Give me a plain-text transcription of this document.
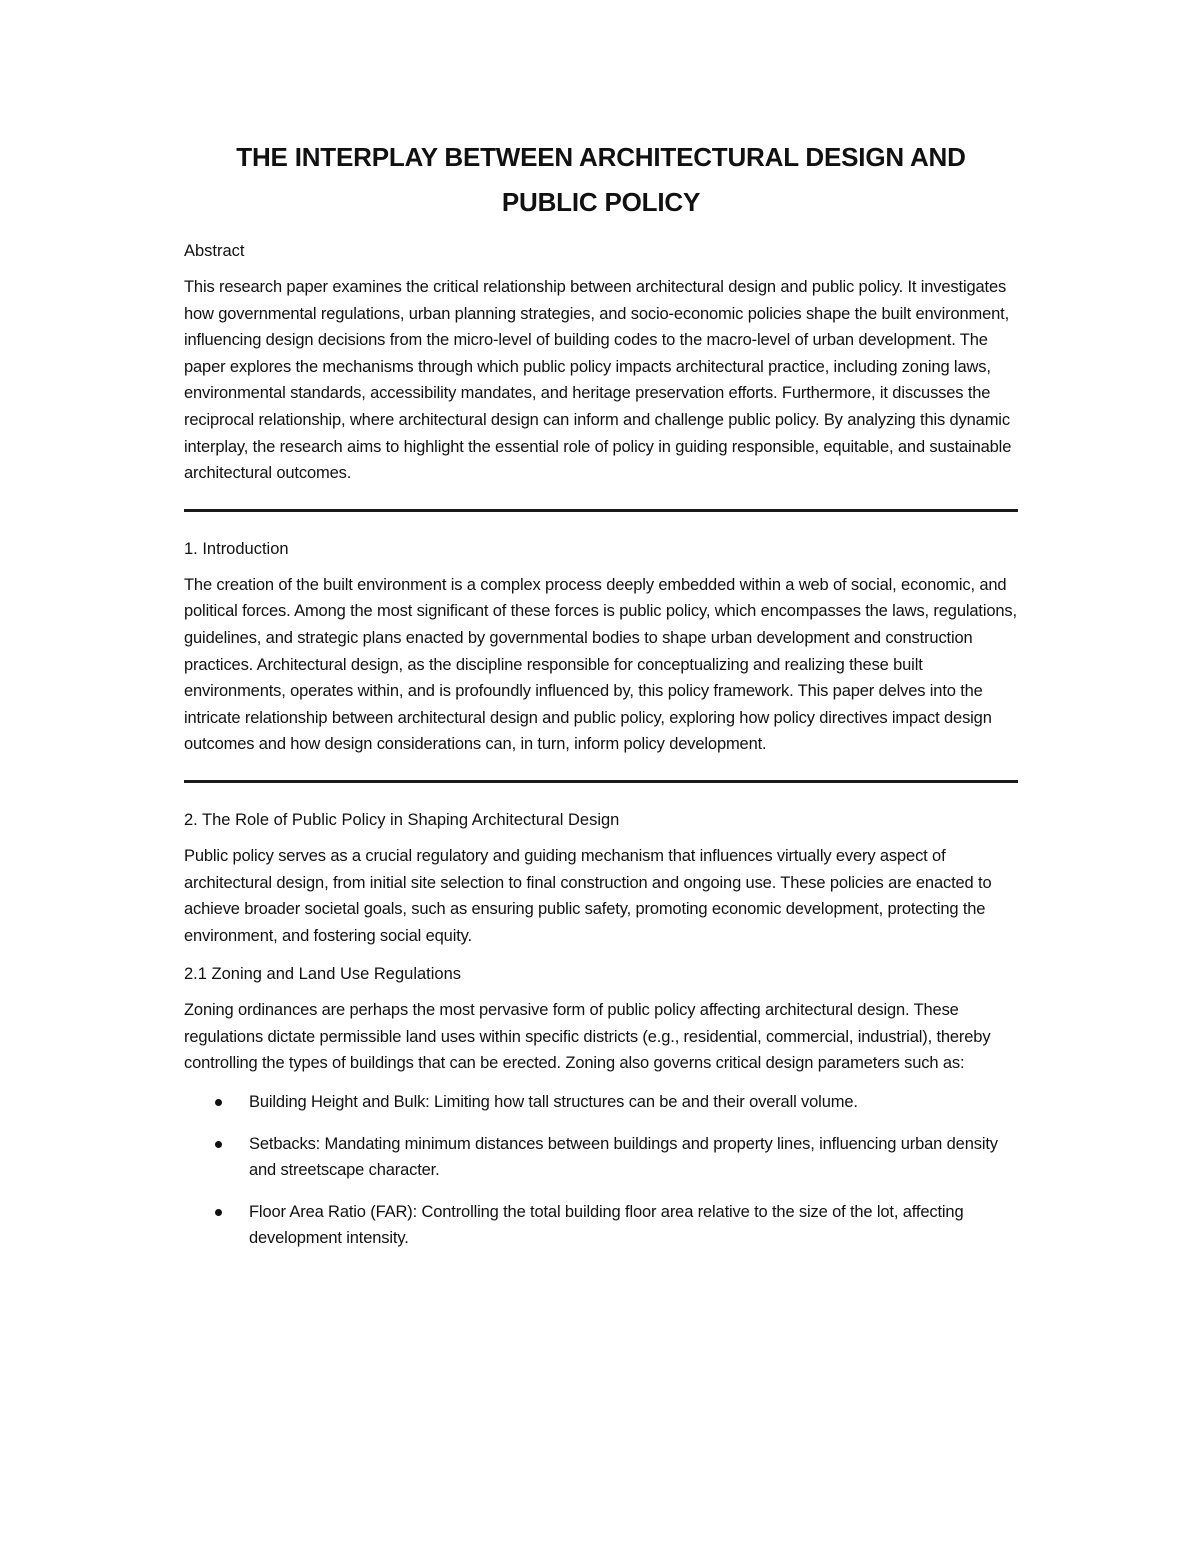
THE INTERPLAY BETWEEN ARCHITECTURAL DESIGN AND
PUBLIC POLICY
Abstract

This research paper examines the critical relationship between architectural design and public policy. It investigates how governmental regulations, urban planning strategies, and socio-economic policies shape the built environment, influencing design decisions from the micro-level of building codes to the macro-level of urban development. The paper explores the mechanisms through which public policy impacts architectural practice, including zoning laws, environmental standards, accessibility mandates, and heritage preservation efforts. Furthermore, it discusses the reciprocal relationship, where architectural design can inform and challenge public policy. By analyzing this dynamic interplay, the research aims to highlight the essential role of policy in guiding responsible, equitable, and sustainable architectural outcomes.

1. Introduction

The creation of the built environment is a complex process deeply embedded within a web of social, economic, and political forces. Among the most significant of these forces is public policy, which encompasses the laws, regulations, guidelines, and strategic plans enacted by governmental bodies to shape urban development and construction practices. Architectural design, as the discipline responsible for conceptualizing and realizing these built environments, operates within, and is profoundly influenced by, this policy framework. This paper delves into the intricate relationship between architectural design and public policy, exploring how policy directives impact design outcomes and how design considerations can, in turn, inform policy development.

2. The Role of Public Policy in Shaping Architectural Design

Public policy serves as a crucial regulatory and guiding mechanism that influences virtually every aspect of architectural design, from initial site selection to final construction and ongoing use. These policies are enacted to achieve broader societal goals, such as ensuring public safety, promoting economic development, protecting the environment, and fostering social equity.

2.1 Zoning and Land Use Regulations

Zoning ordinances are perhaps the most pervasive form of public policy affecting architectural design. These regulations dictate permissible land uses within specific districts (e.g., residential, commercial, industrial), thereby controlling the types of buildings that can be erected. Zoning also governs critical design parameters such as:

Building Height and Bulk: Limiting how tall structures can be and their overall volume.
Setbacks: Mandating minimum distances between buildings and property lines, influencing urban density and streetscape character.
Floor Area Ratio (FAR): Controlling the total building floor area relative to the size of the lot, affecting development intensity.
